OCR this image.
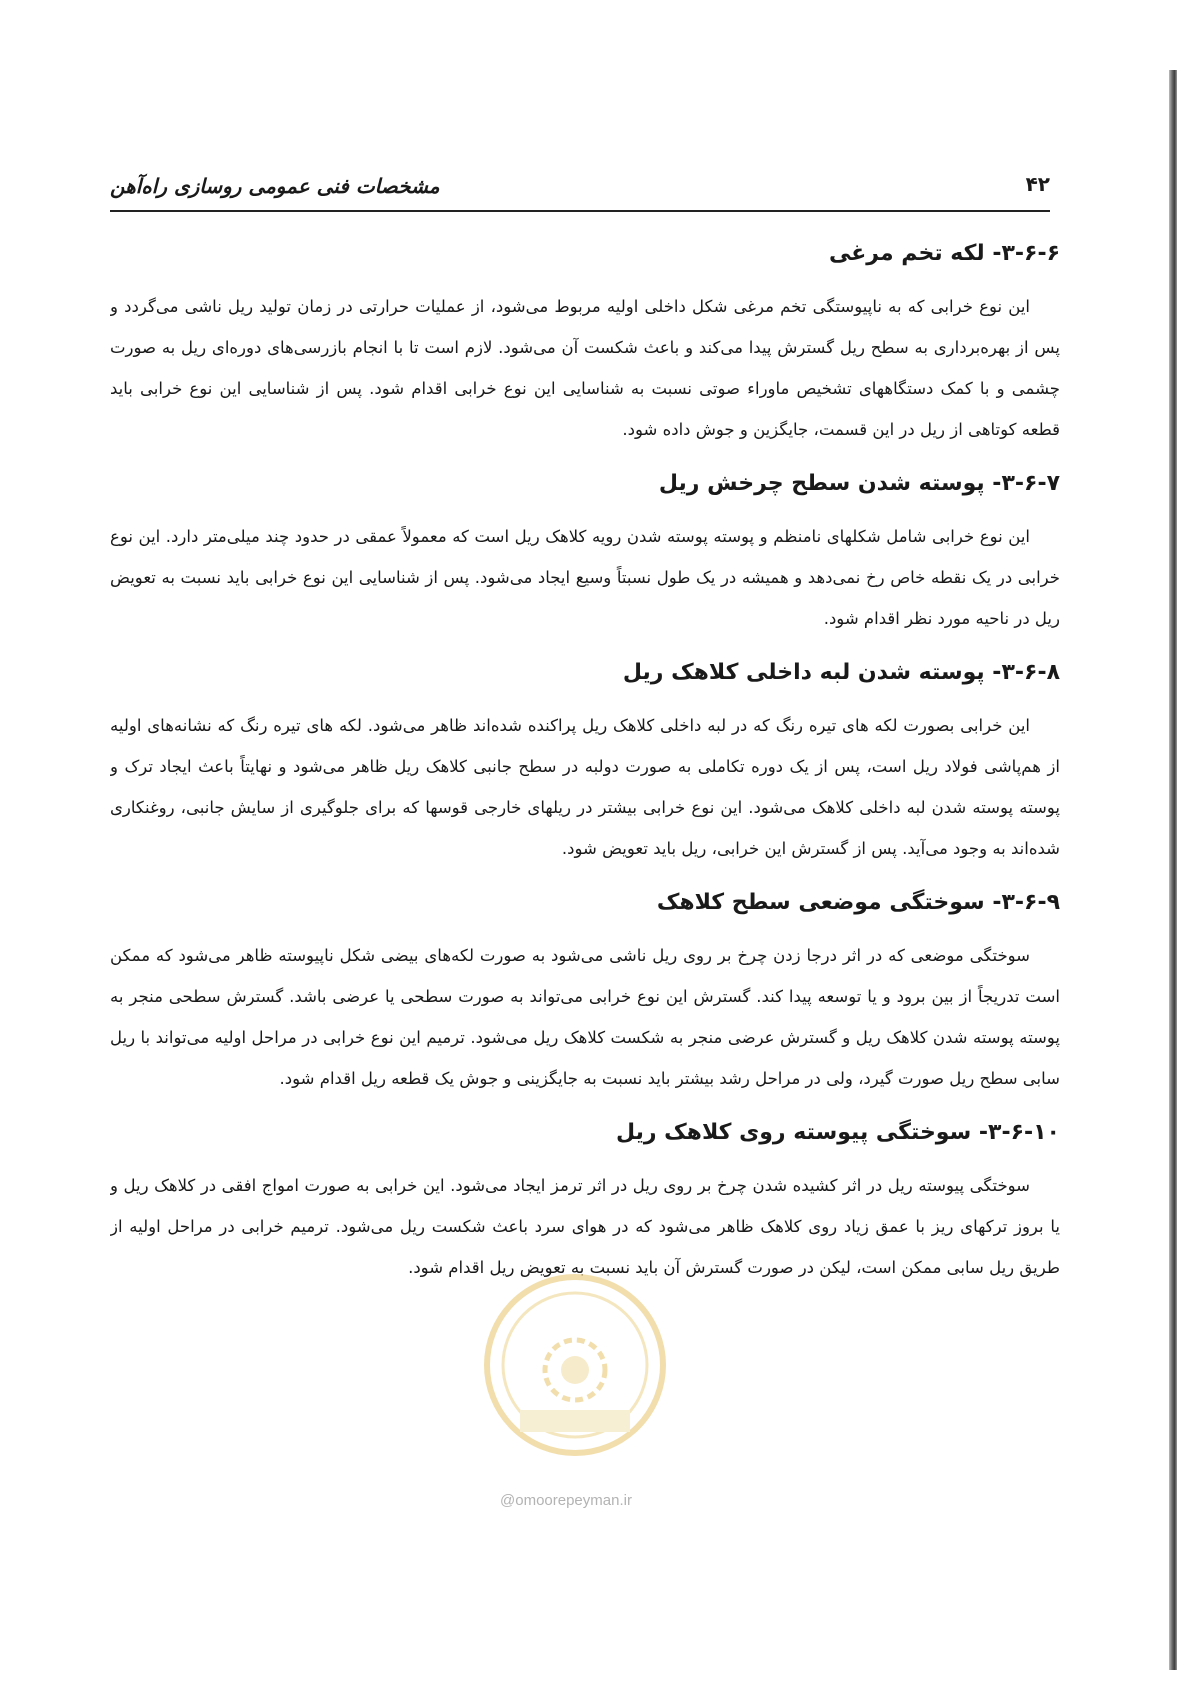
۴۲
مشخصات فنی عمومی روسازی راه‌آهن
۳-۶-۶- لکه تخم مرغی

این نوع خرابی که به ناپیوستگی تخم مرغی شکل داخلی اولیه مربوط می‌شود، از عملیات حرارتی در زمان تولید ریل ناشی می‌گردد و پس از بهره‌برداری به سطح ریل گسترش پیدا می‌کند و باعث شکست آن می‌شود. لازم است تا با انجام بازرسی‌های دوره‌ای ریل به صورت چشمی و با کمک دستگاههای تشخیص ماوراء صوتی نسبت به شناسایی این نوع خرابی اقدام شود. پس از شناسایی این نوع خرابی باید قطعه کوتاهی از ریل در این قسمت، جایگزین و جوش داده شود.

۳-۶-۷- پوسته شدن سطح چرخش ریل

این نوع خرابی شامل شکلهای نامنظم و پوسته پوسته شدن رویه کلاهک ریل است که معمولاً عمقی در حدود چند میلی‌متر دارد. این نوع خرابی در یک نقطه خاص رخ نمی‌دهد و همیشه در یک طول نسبتاً وسیع ایجاد می‌شود. پس از شناسایی این نوع خرابی باید نسبت به تعویض ریل در ناحیه مورد نظر اقدام شود.

۳-۶-۸- پوسته شدن لبه داخلی کلاهک ریل

این خرابی بصورت لکه های تیره رنگ که در لبه داخلی کلاهک ریل پراکنده شده‌اند ظاهر می‌شود. لکه های تیره رنگ که نشانه‌های اولیه از هم‌پاشی فولاد ریل است، پس از یک دوره تکاملی به صورت دولبه در سطح جانبی کلاهک ریل ظاهر می‌شود و نهایتاً باعث ایجاد ترک و پوسته پوسته شدن لبه داخلی کلاهک می‌شود. این نوع خرابی بیشتر در ریلهای خارجی قوسها که برای جلوگیری از سایش جانبی، روغنکاری شده‌اند به وجود می‌آید. پس از گسترش این خرابی، ریل باید تعویض شود.

۳-۶-۹- سوختگی موضعی سطح کلاهک

سوختگی موضعی که در اثر درجا زدن چرخ بر روی ریل ناشی می‌شود به صورت لکه‌های بیضی شکل ناپیوسته ظاهر می‌شود که ممکن است تدریجاً از بین برود و یا توسعه پیدا کند. گسترش این نوع خرابی می‌تواند به صورت سطحی یا عرضی باشد. گسترش سطحی منجر به پوسته پوسته شدن کلاهک ریل و گسترش عرضی منجر به شکست کلاهک ریل می‌شود. ترمیم این نوع خرابی در مراحل اولیه می‌تواند با ریل سابی سطح ریل صورت گیرد، ولی در مراحل رشد بیشتر باید نسبت به جایگزینی و جوش یک قطعه ریل اقدام شود.

۳-۶-۱۰- سوختگی پیوسته روی کلاهک ریل

سوختگی پیوسته ریل در اثر کشیده شدن چرخ بر روی ریل در اثر ترمز ایجاد می‌شود. این خرابی به صورت امواج افقی در کلاهک ریل و یا بروز ترکهای ریز با عمق زیاد روی کلاهک ظاهر می‌شود که در هوای سرد باعث شکست ریل می‌شود. ترمیم خرابی در مراحل اولیه از طریق ریل سابی ممکن است، لیکن در صورت گسترش آن باید نسبت به تعویض ریل اقدام شود.

@omoorepeyman.ir
